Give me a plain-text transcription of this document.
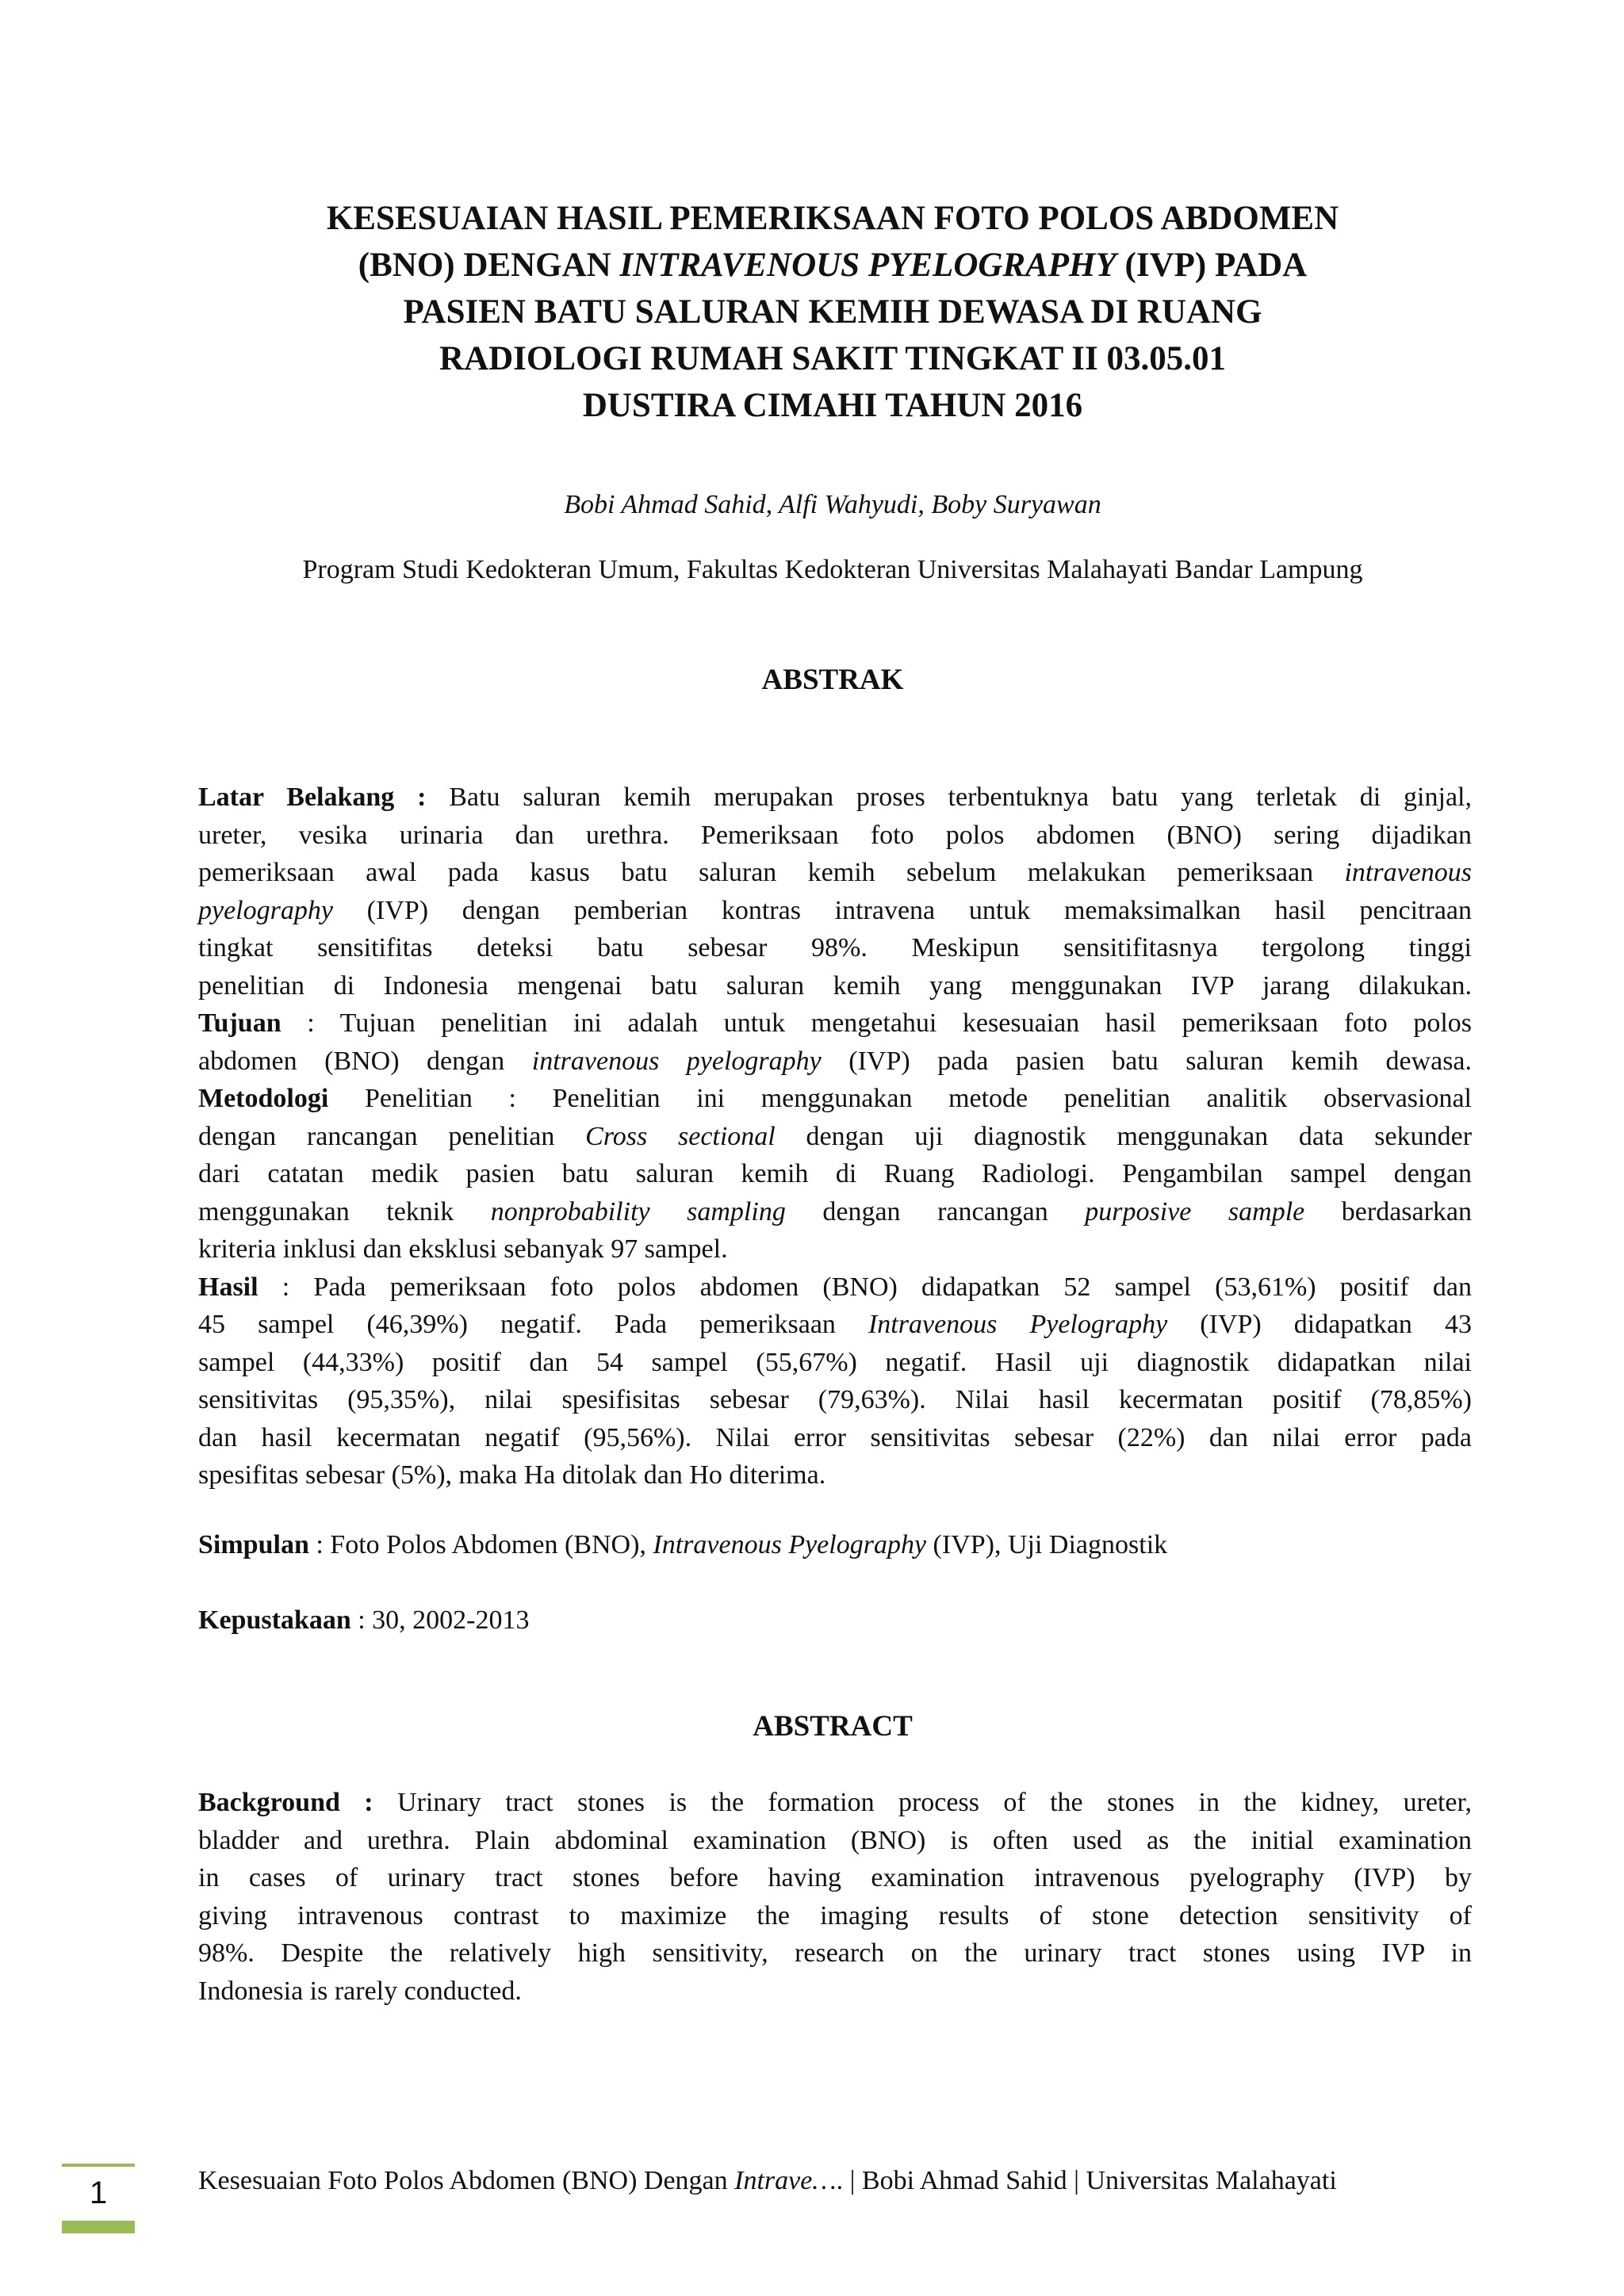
KESESUAIAN HASIL PEMERIKSAAN FOTO POLOS ABDOMEN
(BNO) DENGAN INTRAVENOUS PYELOGRAPHY (IVP) PADA
PASIEN BATU SALURAN KEMIH DEWASA DI RUANG
RADIOLOGI RUMAH SAKIT TINGKAT II 03.05.01
DUSTIRA CIMAHI TAHUN 2016
Bobi Ahmad Sahid, Alfi Wahyudi, Boby Suryawan
Program Studi Kedokteran Umum, Fakultas Kedokteran Universitas Malahayati Bandar Lampung
ABSTRAK
Latar Belakang : Batu saluran kemih merupakan proses terbentuknya batu yang terletak di ginjal,
ureter, vesika urinaria dan urethra. Pemeriksaan foto polos abdomen (BNO) sering dijadikan
pemeriksaan awal pada kasus batu saluran kemih sebelum melakukan pemeriksaan intravenous
pyelography (IVP) dengan pemberian kontras intravena untuk memaksimalkan hasil pencitraan
tingkat sensitifitas deteksi batu sebesar 98%. Meskipun sensitifitasnya tergolong tinggi
penelitian di Indonesia mengenai batu saluran kemih yang menggunakan IVP jarang dilakukan.
Tujuan : Tujuan penelitian ini adalah untuk mengetahui kesesuaian hasil pemeriksaan foto polos
abdomen (BNO) dengan intravenous pyelography (IVP) pada pasien batu saluran kemih dewasa.
Metodologi Penelitian : Penelitian ini menggunakan metode penelitian analitik observasional
dengan rancangan penelitian Cross sectional dengan uji diagnostik menggunakan data sekunder
dari catatan medik pasien batu saluran kemih di Ruang Radiologi. Pengambilan sampel dengan
menggunakan teknik nonprobability sampling dengan rancangan purposive sample berdasarkan
kriteria inklusi dan eksklusi sebanyak 97 sampel.
Hasil : Pada pemeriksaan foto polos abdomen (BNO) didapatkan 52 sampel (53,61%) positif dan
45 sampel (46,39%) negatif. Pada pemeriksaan Intravenous Pyelography (IVP) didapatkan 43
sampel (44,33%) positif dan 54 sampel (55,67%) negatif. Hasil uji diagnostik didapatkan nilai
sensitivitas (95,35%), nilai spesifisitas sebesar (79,63%). Nilai hasil kecermatan positif (78,85%)
dan hasil kecermatan negatif (95,56%). Nilai error sensitivitas sebesar (22%) dan nilai error pada
spesifitas sebesar (5%), maka Ha ditolak dan Ho diterima.
Simpulan : Foto Polos Abdomen (BNO), Intravenous Pyelography (IVP), Uji Diagnostik
Kepustakaan : 30, 2002-2013
ABSTRACT
Background : Urinary tract stones is the formation process of the stones in the kidney, ureter,
bladder and urethra. Plain abdominal examination (BNO) is often used as the initial examination
in cases of urinary tract stones before having examination intravenous pyelography (IVP) by
giving intravenous contrast to maximize the imaging results of stone detection sensitivity of
98%. Despite the relatively high sensitivity, research on the urinary tract stones using IVP in
Indonesia is rarely conducted.
1	Kesesuaian Foto Polos Abdomen (BNO) Dengan Intrave…. | Bobi Ahmad Sahid | Universitas Malahayati
